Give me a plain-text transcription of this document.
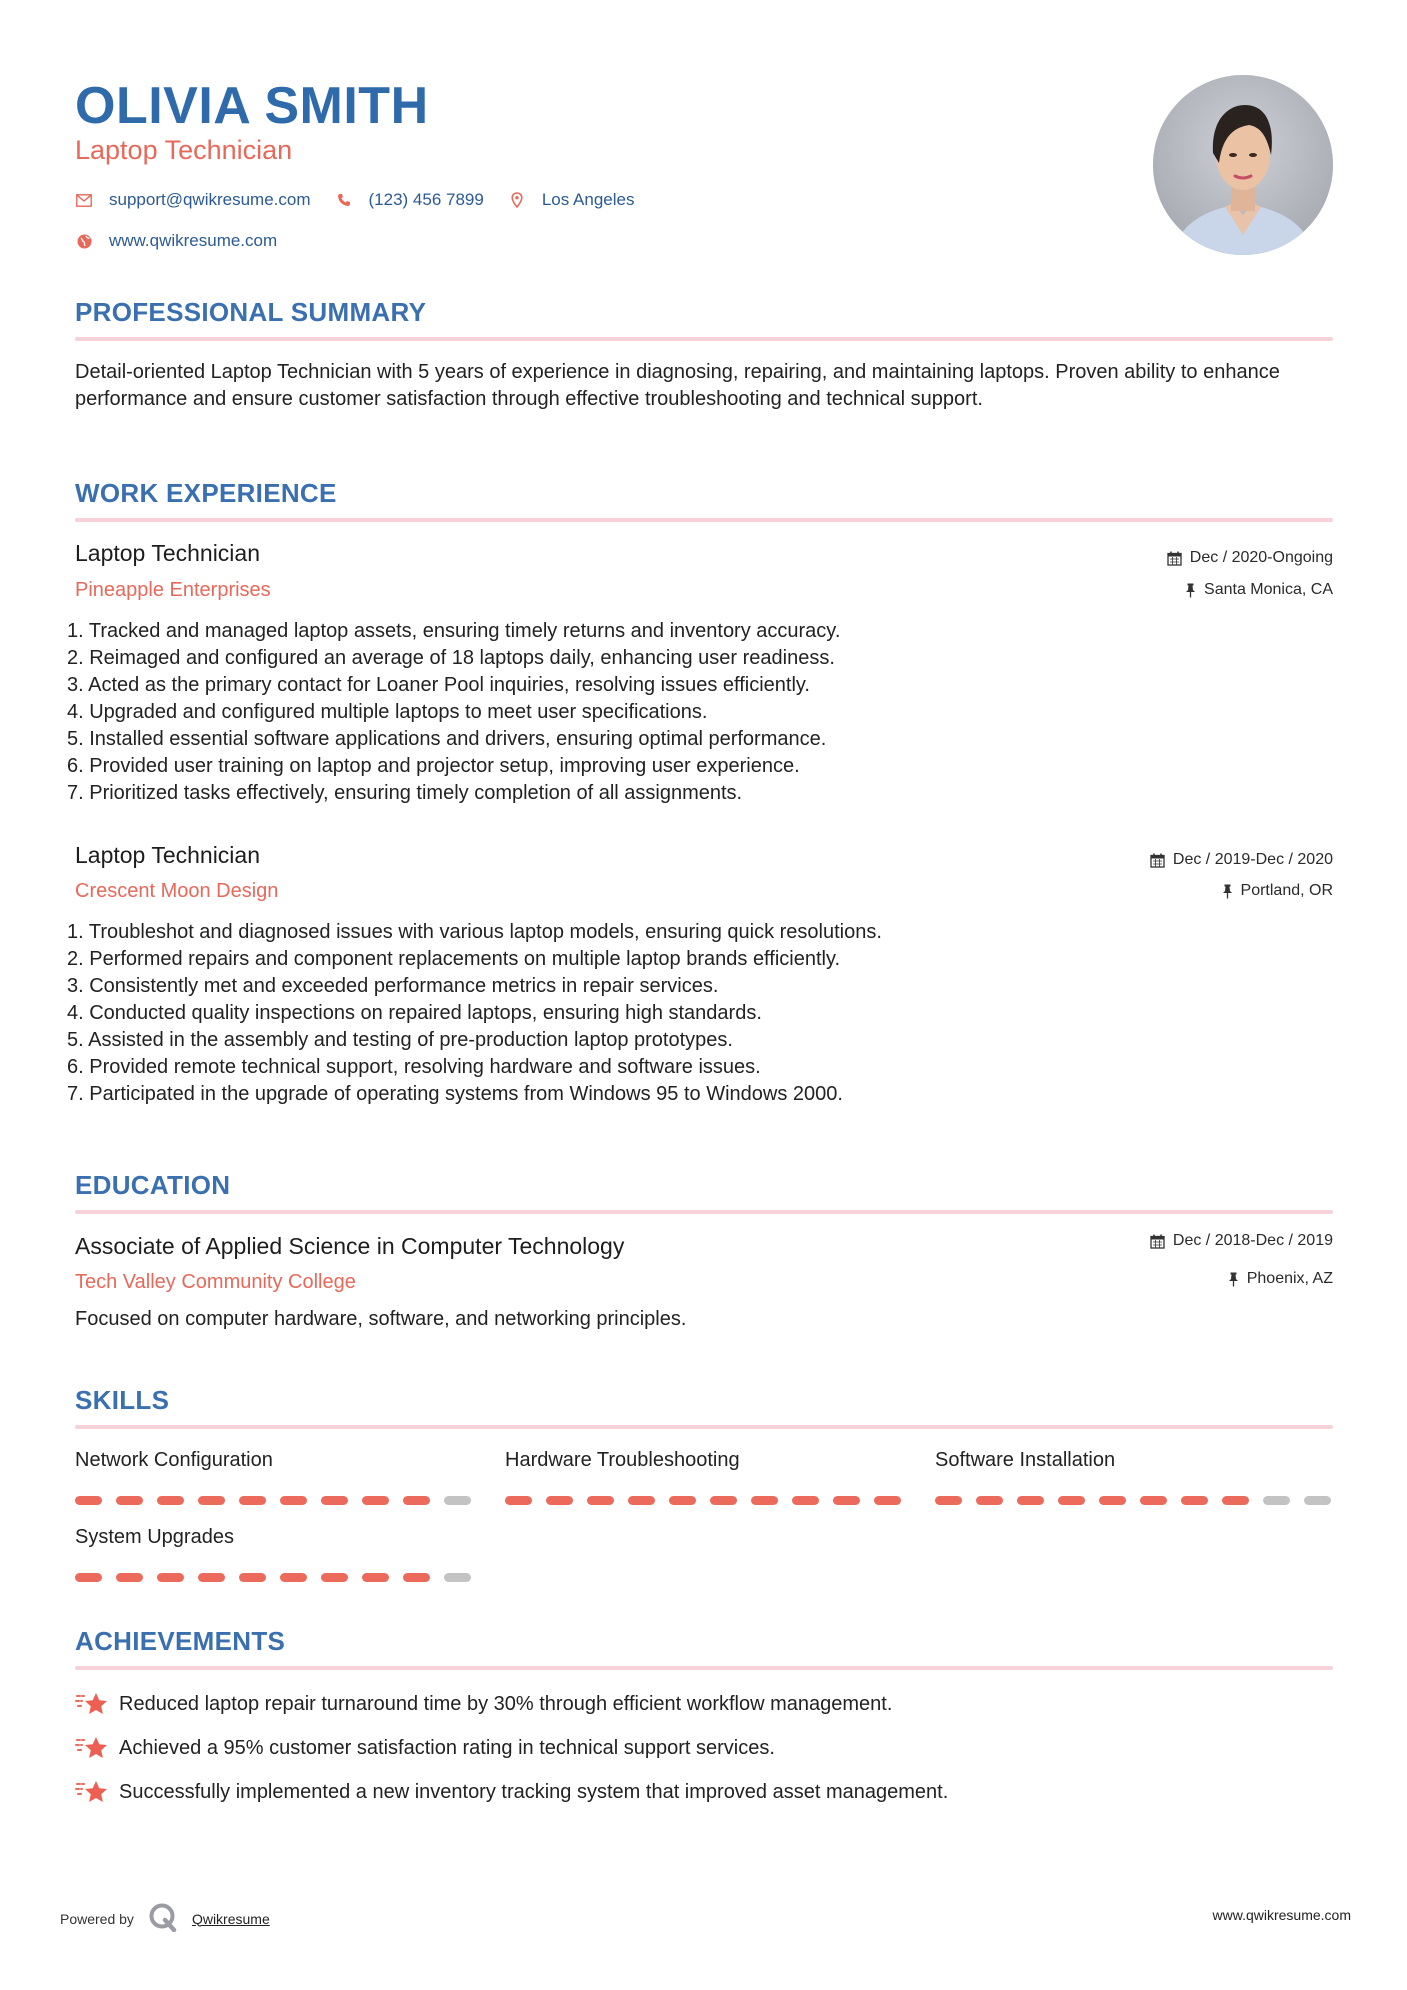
OLIVIA SMITH
Laptop Technician
support@qwikresume.com	(123) 456 7899	Los Angeles
www.qwikresume.com
PROFESSIONAL SUMMARY
Detail-oriented Laptop Technician with 5 years of experience in diagnosing, repairing, and maintaining laptops. Proven ability to enhance performance and ensure customer satisfaction through effective troubleshooting and technical support.
WORK EXPERIENCE
Laptop Technician
Pineapple Enterprises
Dec / 2020-Ongoing
Santa Monica, CA
1. Tracked and managed laptop assets, ensuring timely returns and inventory accuracy.
2. Reimaged and configured an average of 18 laptops daily, enhancing user readiness.
3. Acted as the primary contact for Loaner Pool inquiries, resolving issues efficiently.
4. Upgraded and configured multiple laptops to meet user specifications.
5. Installed essential software applications and drivers, ensuring optimal performance.
6. Provided user training on laptop and projector setup, improving user experience.
7. Prioritized tasks effectively, ensuring timely completion of all assignments.
Laptop Technician
Crescent Moon Design
Dec / 2019-Dec / 2020
Portland, OR
1. Troubleshot and diagnosed issues with various laptop models, ensuring quick resolutions.
2. Performed repairs and component replacements on multiple laptop brands efficiently.
3. Consistently met and exceeded performance metrics in repair services.
4. Conducted quality inspections on repaired laptops, ensuring high standards.
5. Assisted in the assembly and testing of pre-production laptop prototypes.
6. Provided remote technical support, resolving hardware and software issues.
7. Participated in the upgrade of operating systems from Windows 95 to Windows 2000.
EDUCATION
Associate of Applied Science in Computer Technology
Tech Valley Community College
Focused on computer hardware, software, and networking principles.
Dec / 2018-Dec / 2019
Phoenix, AZ
SKILLS
Network Configuration	Hardware Troubleshooting	Software Installation
System Upgrades
ACHIEVEMENTS
Reduced laptop repair turnaround time by 30% through efficient workflow management.
Achieved a 95% customer satisfaction rating in technical support services.
Successfully implemented a new inventory tracking system that improved asset management.
Powered by	Qwikresume	www.qwikresume.com
